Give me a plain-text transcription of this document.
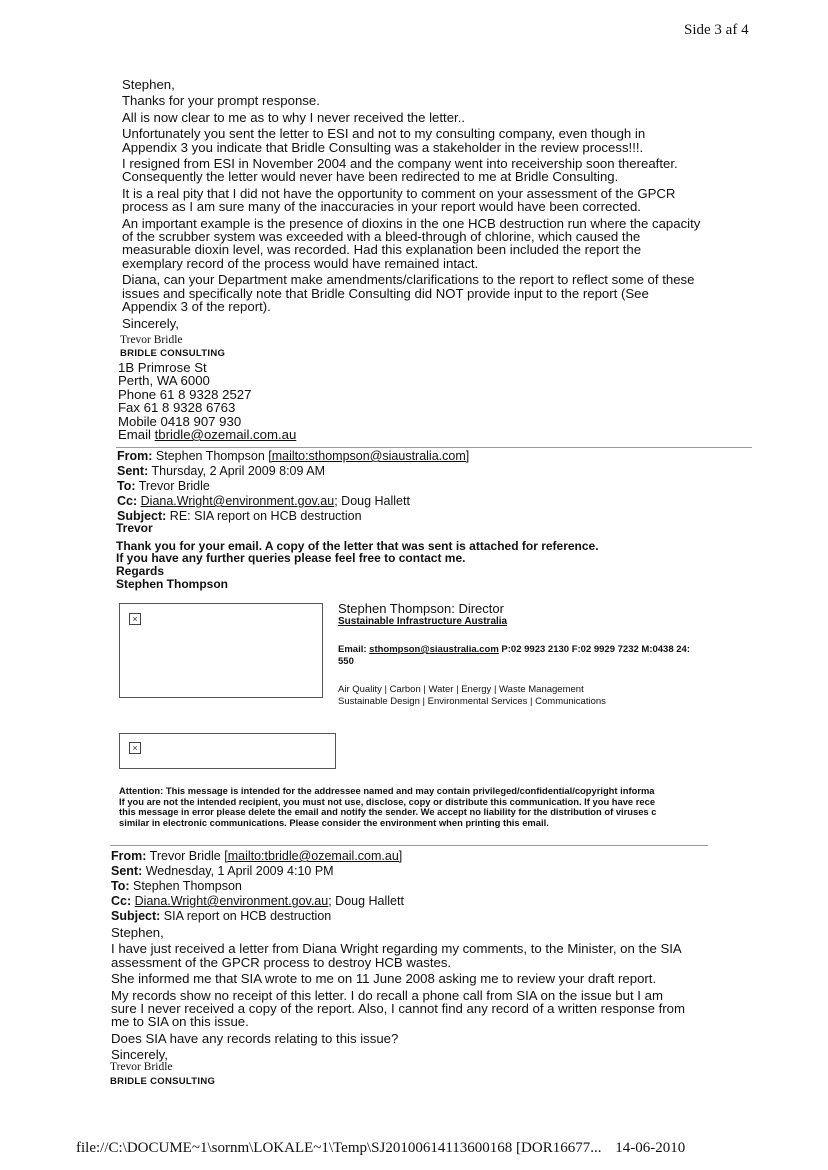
Side 3 af 4
Stephen,
Thanks for your prompt response.
All is now clear to me as to why I never received the letter..
Unfortunately you sent the letter to ESI and not to my consulting company, even though in
Appendix 3 you indicate that Bridle Consulting was a stakeholder in the review process!!!.
I resigned from ESI in November 2004 and the company went into receivership soon thereafter.
Consequently the letter would never have been redirected to me at Bridle Consulting.
It is a real pity that I did not have the opportunity to comment on your assessment of the GPCR
process as I am sure many of the inaccuracies in your report would have been corrected.
An important example is the presence of dioxins in the one HCB destruction run where the capacity
of the scrubber system was exceeded with a bleed-through of chlorine, which caused the
measurable dioxin level, was recorded. Had this explanation been included the report the
exemplary record of the process would have remained intact.
Diana, can your Department make amendments/clarifications to the report to reflect some of these
issues and specifically note that Bridle Consulting did NOT provide input to the report (See
Appendix 3 of the report).
Sincerely,
Trevor Bridle
BRIDLE CONSULTING
1B Primrose St
Perth, WA 6000
Phone 61 8 9328 2527
Fax 61 8 9328 6763
Mobile 0418 907 930
Email tbridle@ozemail.com.au
From: Stephen Thompson [mailto:sthompson@siaustralia.com]
Sent: Thursday, 2 April 2009 8:09 AM
To: Trevor Bridle
Cc: Diana.Wright@environment.gov.au; Doug Hallett
Subject: RE: SIA report on HCB destruction
Trevor
Thank you for your email. A copy of the letter that was sent is attached for reference.
If you have any further queries please feel free to contact me.
Regards
Stephen Thompson
×
Stephen Thompson: Director
Sustainable Infrastructure Australia
Email: sthompson@siaustralia.com P:02 9923 2130 F:02 9929 7232 M:0438 24:
550
Air Quality | Carbon | Water | Energy | Waste Management
Sustainable Design | Environmental Services | Communications
×
Attention: This message is intended for the addressee named and may contain privileged/confidential/copyright informa
If you are not the intended recipient, you must not use, disclose, copy or distribute this communication. If you have rece
this message in error please delete the email and notify the sender. We accept no liability for the distribution of viruses c
similar in electronic communications. Please consider the environment when printing this email.
From: Trevor Bridle [mailto:tbridle@ozemail.com.au]
Sent: Wednesday, 1 April 2009 4:10 PM
To: Stephen Thompson
Cc: Diana.Wright@environment.gov.au; Doug Hallett
Subject: SIA report on HCB destruction
Stephen,
I have just received a letter from Diana Wright regarding my comments, to the Minister, on the SIA
assessment of the GPCR process to destroy HCB wastes.
She informed me that SIA wrote to me on 11 June 2008 asking me to review your draft report.
My records show no receipt of this letter. I do recall a phone call from SIA on the issue but I am
sure I never received a copy of the report. Also, I cannot find any record of a written response from
me to SIA on this issue.
Does SIA have any records relating to this issue?
Sincerely,
Trevor Bridle
BRIDLE CONSULTING
file://C:\DOCUME~1\sornm\LOKALE~1\Temp\SJ20100614113600168 [DOR16677... 14-06-2010
